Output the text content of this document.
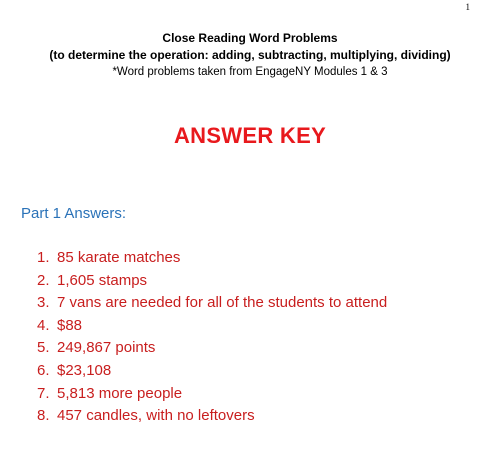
1
Close Reading Word Problems
(to determine the operation: adding, subtracting, multiplying, dividing)
*Word problems taken from EngageNY Modules 1 & 3
ANSWER KEY
Part 1 Answers:
1. 85 karate matches
2. 1,605 stamps
3. 7 vans are needed for all of the students to attend
4. $88
5. 249,867 points
6. $23,108
7. 5,813 more people
8. 457 candles, with no leftovers
